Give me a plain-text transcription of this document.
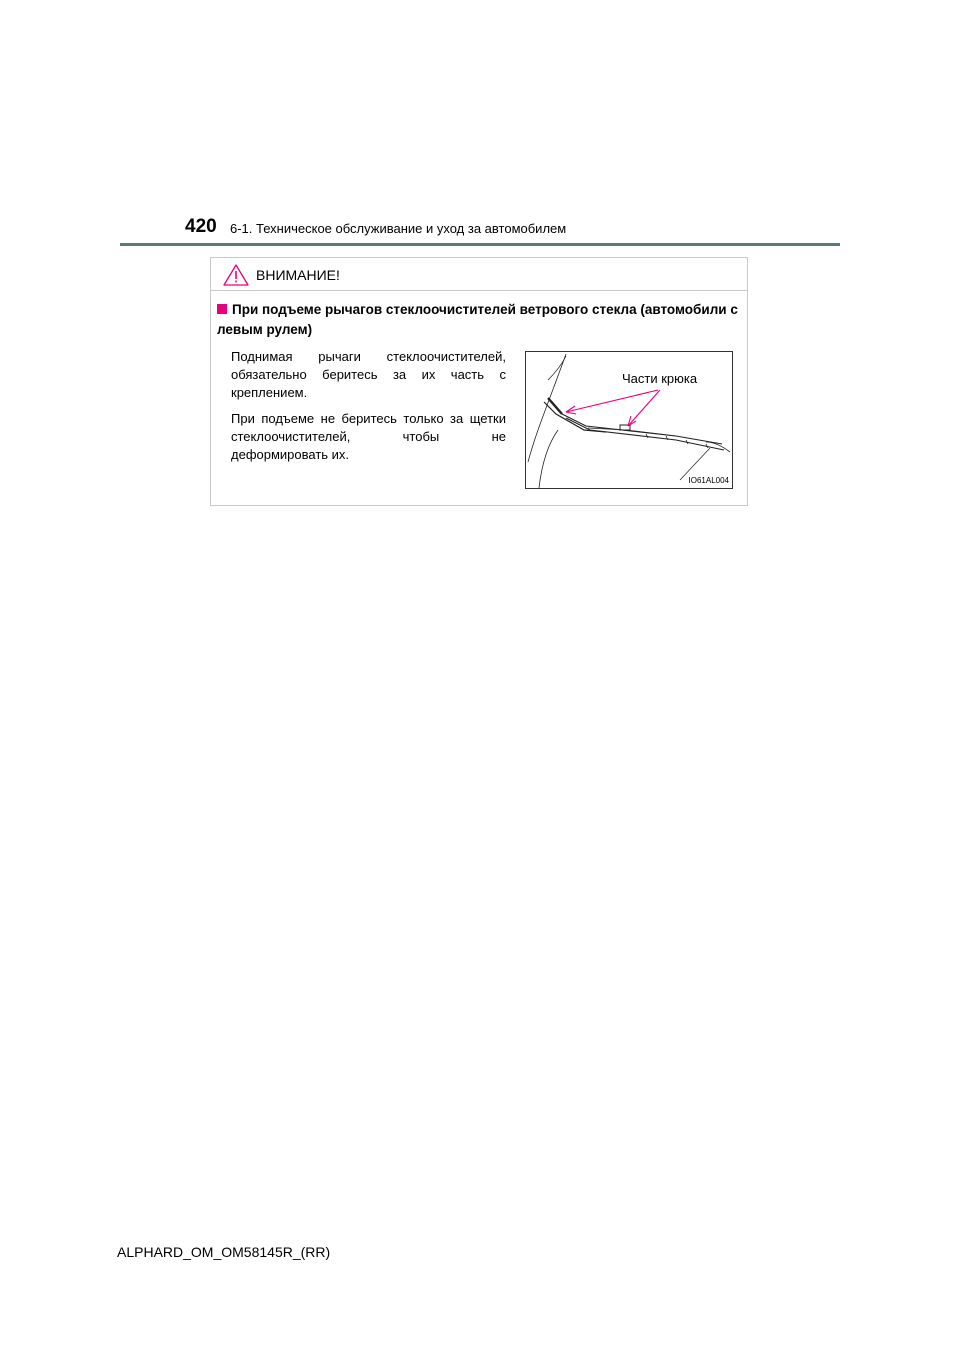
420 6-1. Техническое обслуживание и уход за автомобилем
ВНИМАНИЕ!
При подъеме рычагов стеклоочистителей ветрового стекла (автомобили с левым рулем)

Поднимая рычаги стеклоочистителей, обязательно беритесь за их часть с креплением.

При подъеме не беритесь только за щетки стеклоочистителей, чтобы не деформировать их.

Части крюка
IO61AL004
ALPHARD_OM_OM58145R_(RR)
